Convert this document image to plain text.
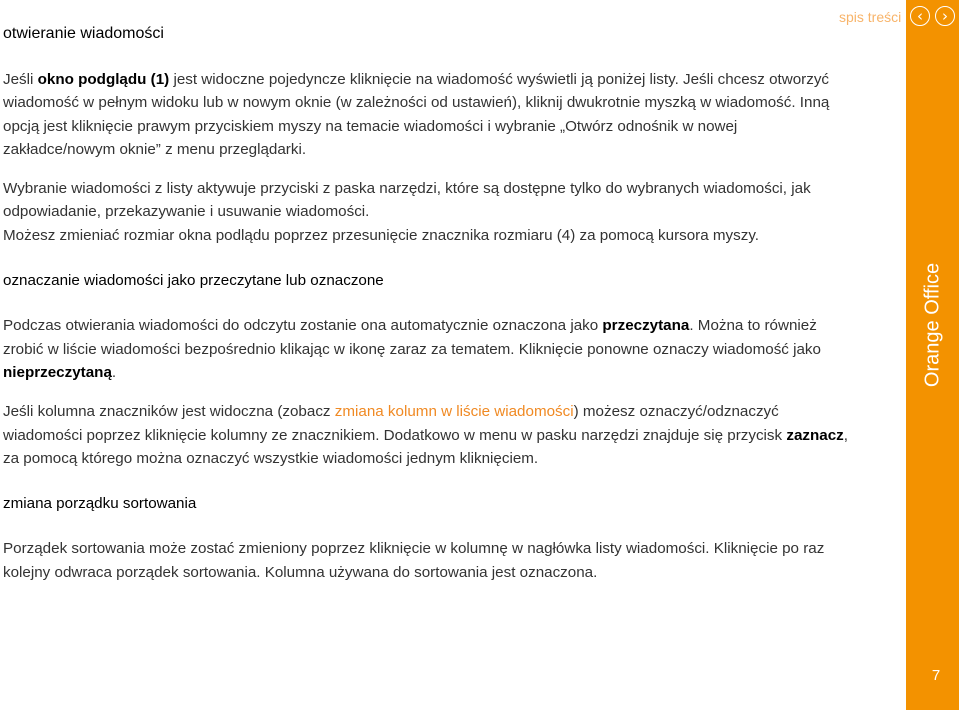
otwieranie wiadomości
Orange Office
7
spis treści ‹ ›

Jeśli okno podglądu (1) jest widoczne pojedyncze kliknięcie na wiadomość wyświetli ją poniżej listy. Jeśli chcesz otworzyć wiadomość w pełnym widoku lub w nowym oknie (w zależności od ustawień), kliknij dwukrotnie myszką w wiadomość. Inną opcją jest kliknięcie prawym przyciskiem myszy na temacie wiadomości i wybranie „Otwórz odnośnik w nowej zakładce/nowym oknie” z menu przeglądarki.

Wybranie wiadomości z listy aktywuje przyciski z paska narzędzi, które są dostępne tylko do wybranych wiadomości, jak odpowiadanie, przekazywanie i usuwanie wiadomości.

Możesz zmieniać rozmiar okna podlądu poprzez przesunięcie znacznika rozmiaru (4) za pomocą kursora myszy.

oznaczanie wiadomości jako przeczytane lub oznaczone

Podczas otwierania wiadomości do odczytu zostanie ona automatycznie oznaczona jako przeczytana. Można to również zrobić w liście wiadomości bezpośrednio klikając w ikonę zaraz za tematem. Kliknięcie ponowne oznaczy wiadomość jako nieprzeczytaną.

Jeśli kolumna znaczników jest widoczna (zobacz zmiana kolumn w liście wiadomości) możesz oznaczyć/odznaczyć wiadomości poprzez kliknięcie kolumny ze znacznikiem. Dodatkowo w menu w pasku narzędzi znajduje się przycisk zaznacz, za pomocą którego można oznaczyć wszystkie wiadomości jednym kliknięciem.

zmiana porządku sortowania

Porządek sortowania może zostać zmieniony poprzez kliknięcie w kolumnę w nagłówka listy wiadomości. Kliknięcie po raz kolejny odwraca porządek sortowania. Kolumna używana do sortowania jest oznaczona.
